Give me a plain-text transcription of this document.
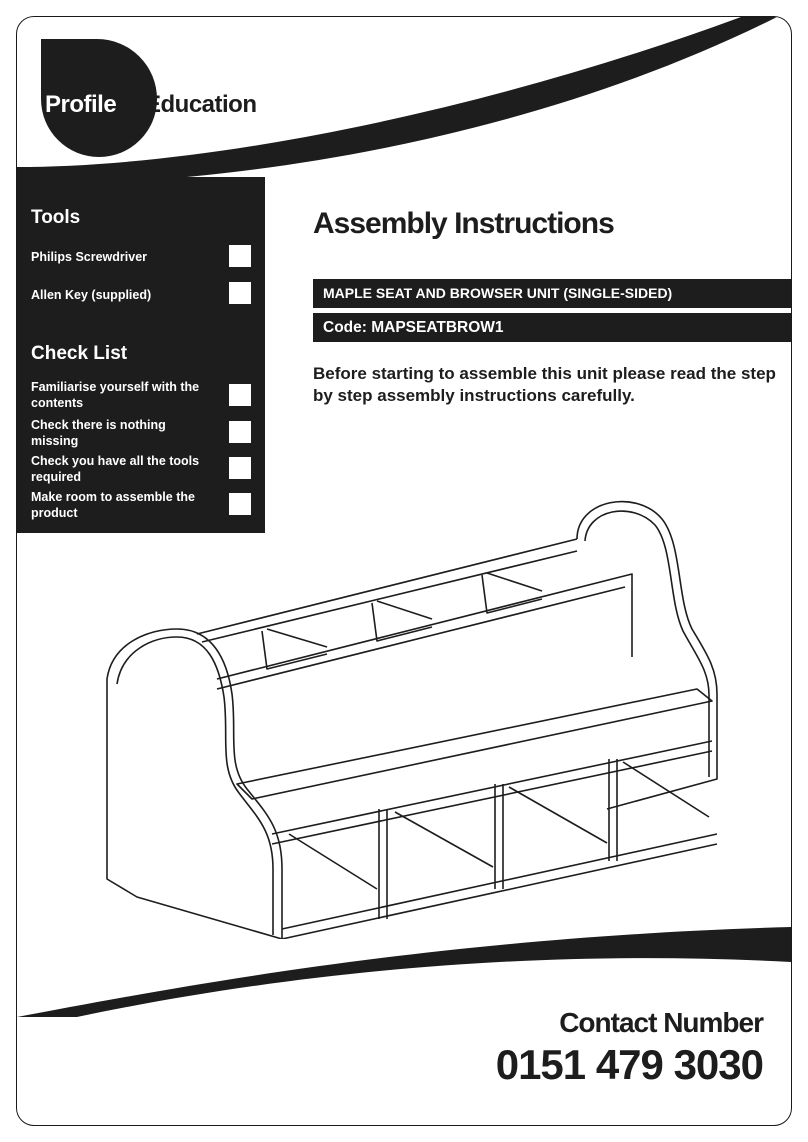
Profile Education
Tools
Philips Screwdriver
Allen Key (supplied)
Check List
Familiarise yourself with the contents
Check there is nothing missing
Check you have all the tools required
Make room to assemble the product
Assembly Instructions
MAPLE SEAT AND BROWSER UNIT (SINGLE-SIDED)
Code: MAPSEATBROW1
Before starting to assemble this unit please read the step by step assembly instructions carefully.
Contact Number
0151 479 3030
